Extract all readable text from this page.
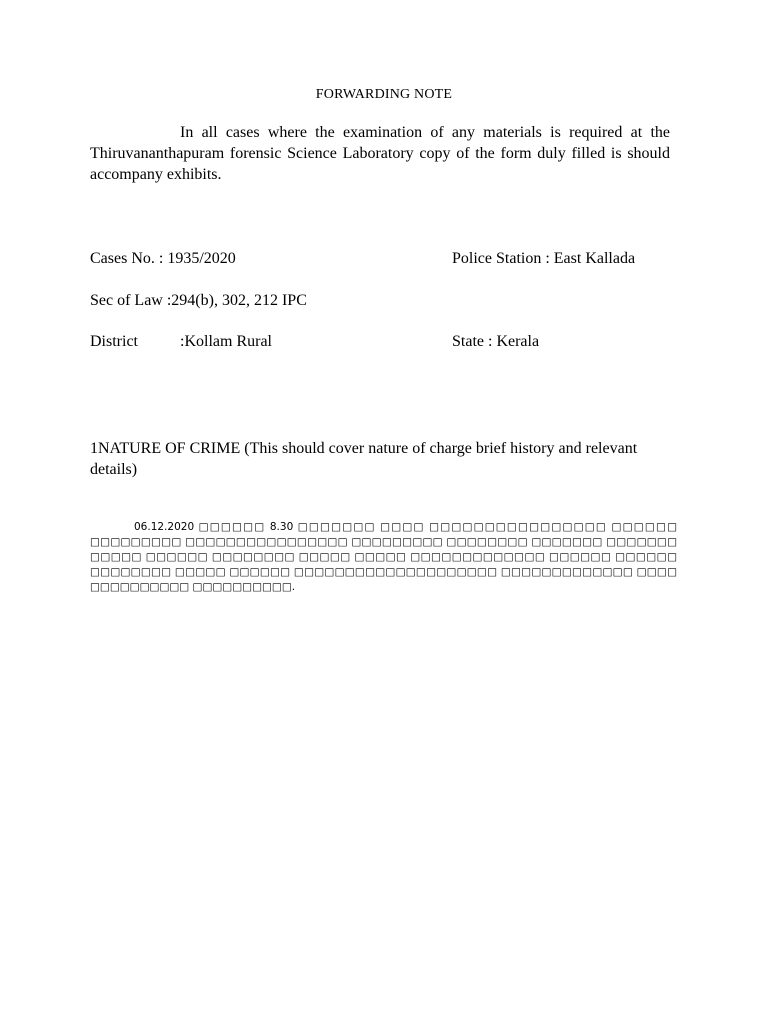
FORWARDING NOTE
In all cases where the examination of any materials is required at the Thiruvananthapuram forensic Science Laboratory copy of the form duly filled is should accompany exhibits.
Cases No. : 1935/2020	Police Station : East Kallada
Sec of Law :294(b), 302, 212 IPC
District	:Kollam Rural	State : Kerala
1NATURE OF CRIME (This should cover nature of charge brief history and relevant details)
06.12.2020 □□□□□□ 8.30 □□□□□□□ □□□□ □□□□□□□□□□□□□□□□ □□□□□□ □□□□□□□□□ □□□□□□□□□□□□□□□□ □□□□□□□□□ □□□□□□□□ □□□□□□□ □□□□□□□ □□□□□ □□□□□□ □□□□□□□□ □□□□□ □□□□□ □□□□□□□□□□□□□ □□□□□□ □□□□□□ □□□□□□□□ □□□□□ □□□□□□ □□□□□□□□□□□□□□□□□□□□ □□□□□□□□□□□□□ □□□□ □□□□□□□□□□ □□□□□□□□□□.
